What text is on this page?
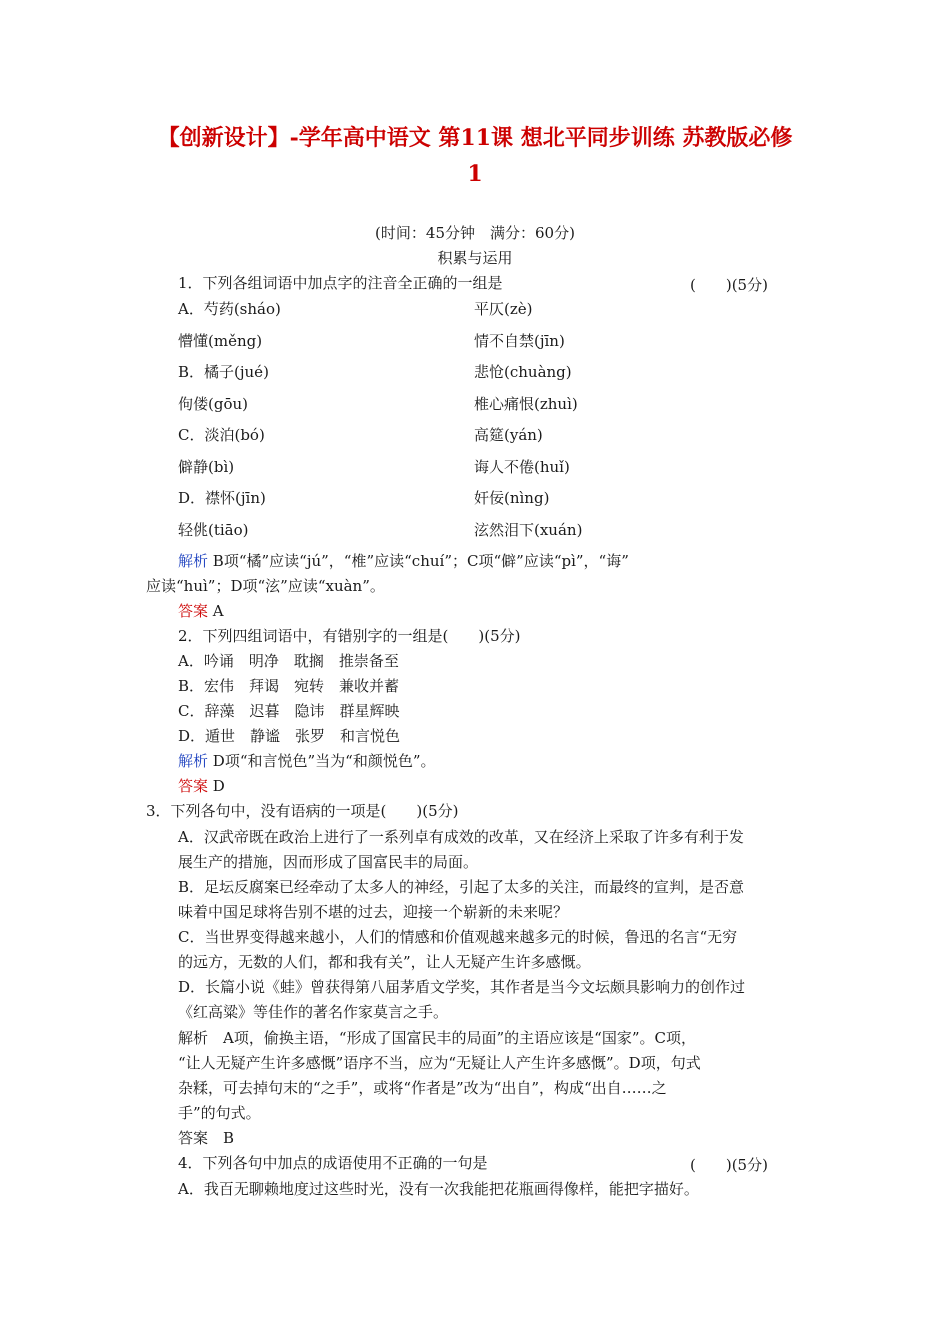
【创新设计】-学年高中语文 第11课 想北平同步训练 苏教版必修
1
(时间：45分钟　满分：60分)
积累与运用
1．下列各组词语中加点字的注音全正确的一组是	(　　)(5分)
A．芍药(sháo)	平仄(zè)
懵懂(měng)	情不自禁(jīn)
B．橘子(jué)	悲怆(chuàng)
佝偻(gōu)	椎心痛恨(zhuì)
C．淡泊(bó)	高筵(yán)
僻静(bì)	诲人不倦(huǐ)
D．襟怀(jīn)	奸佞(nìng)
轻佻(tiāo)	泫然泪下(xuán)
解析 B项“橘”应读“jú”，“椎”应读“chuí”；C项“僻”应读“pì”，“诲”
应读“huì”；D项“泫”应读“xuàn”。
答案 A
2．下列四组词语中，有错别字的一组是(　　)(5分)
A．吟诵　明净　耽搁　推崇备至
B．宏伟　拜谒　宛转　兼收并蓄
C．辞藻　迟暮　隐讳　群星辉映
D．遁世　静谧　张罗　和言悦色
解析 D项“和言悦色”当为“和颜悦色”。
答案 D
3．下列各句中，没有语病的一项是(　　)(5分)
A．汉武帝既在政治上进行了一系列卓有成效的改革，又在经济上采取了许多有利于发
展生产的措施，因而形成了国富民丰的局面。
B．足坛反腐案已经牵动了太多人的神经，引起了太多的关注，而最终的宣判，是否意
味着中国足球将告别不堪的过去，迎接一个崭新的未来呢？
C．当世界变得越来越小，人们的情感和价值观越来越多元的时候，鲁迅的名言“无穷
的远方，无数的人们，都和我有关”，让人无疑产生许多感慨。
D．长篇小说《蛙》曾获得第八届茅盾文学奖，其作者是当今文坛颇具影响力的创作过
《红高粱》等佳作的著名作家莫言之手。
解析　A项，偷换主语，“形成了国富民丰的局面”的主语应该是“国家”。C项，
“让人无疑产生许多感慨”语序不当，应为“无疑让人产生许多感慨”。D项，句式
杂糅，可去掉句末的“之手”，或将“作者是”改为“出自”，构成“出自……之
手”的句式。
答案　B
4．下列各句中加点的成语使用不正确的一句是	(　　)(5分)
A．我百无聊赖地度过这些时光，没有一次我能把花瓶画得像样，能把字描好。
